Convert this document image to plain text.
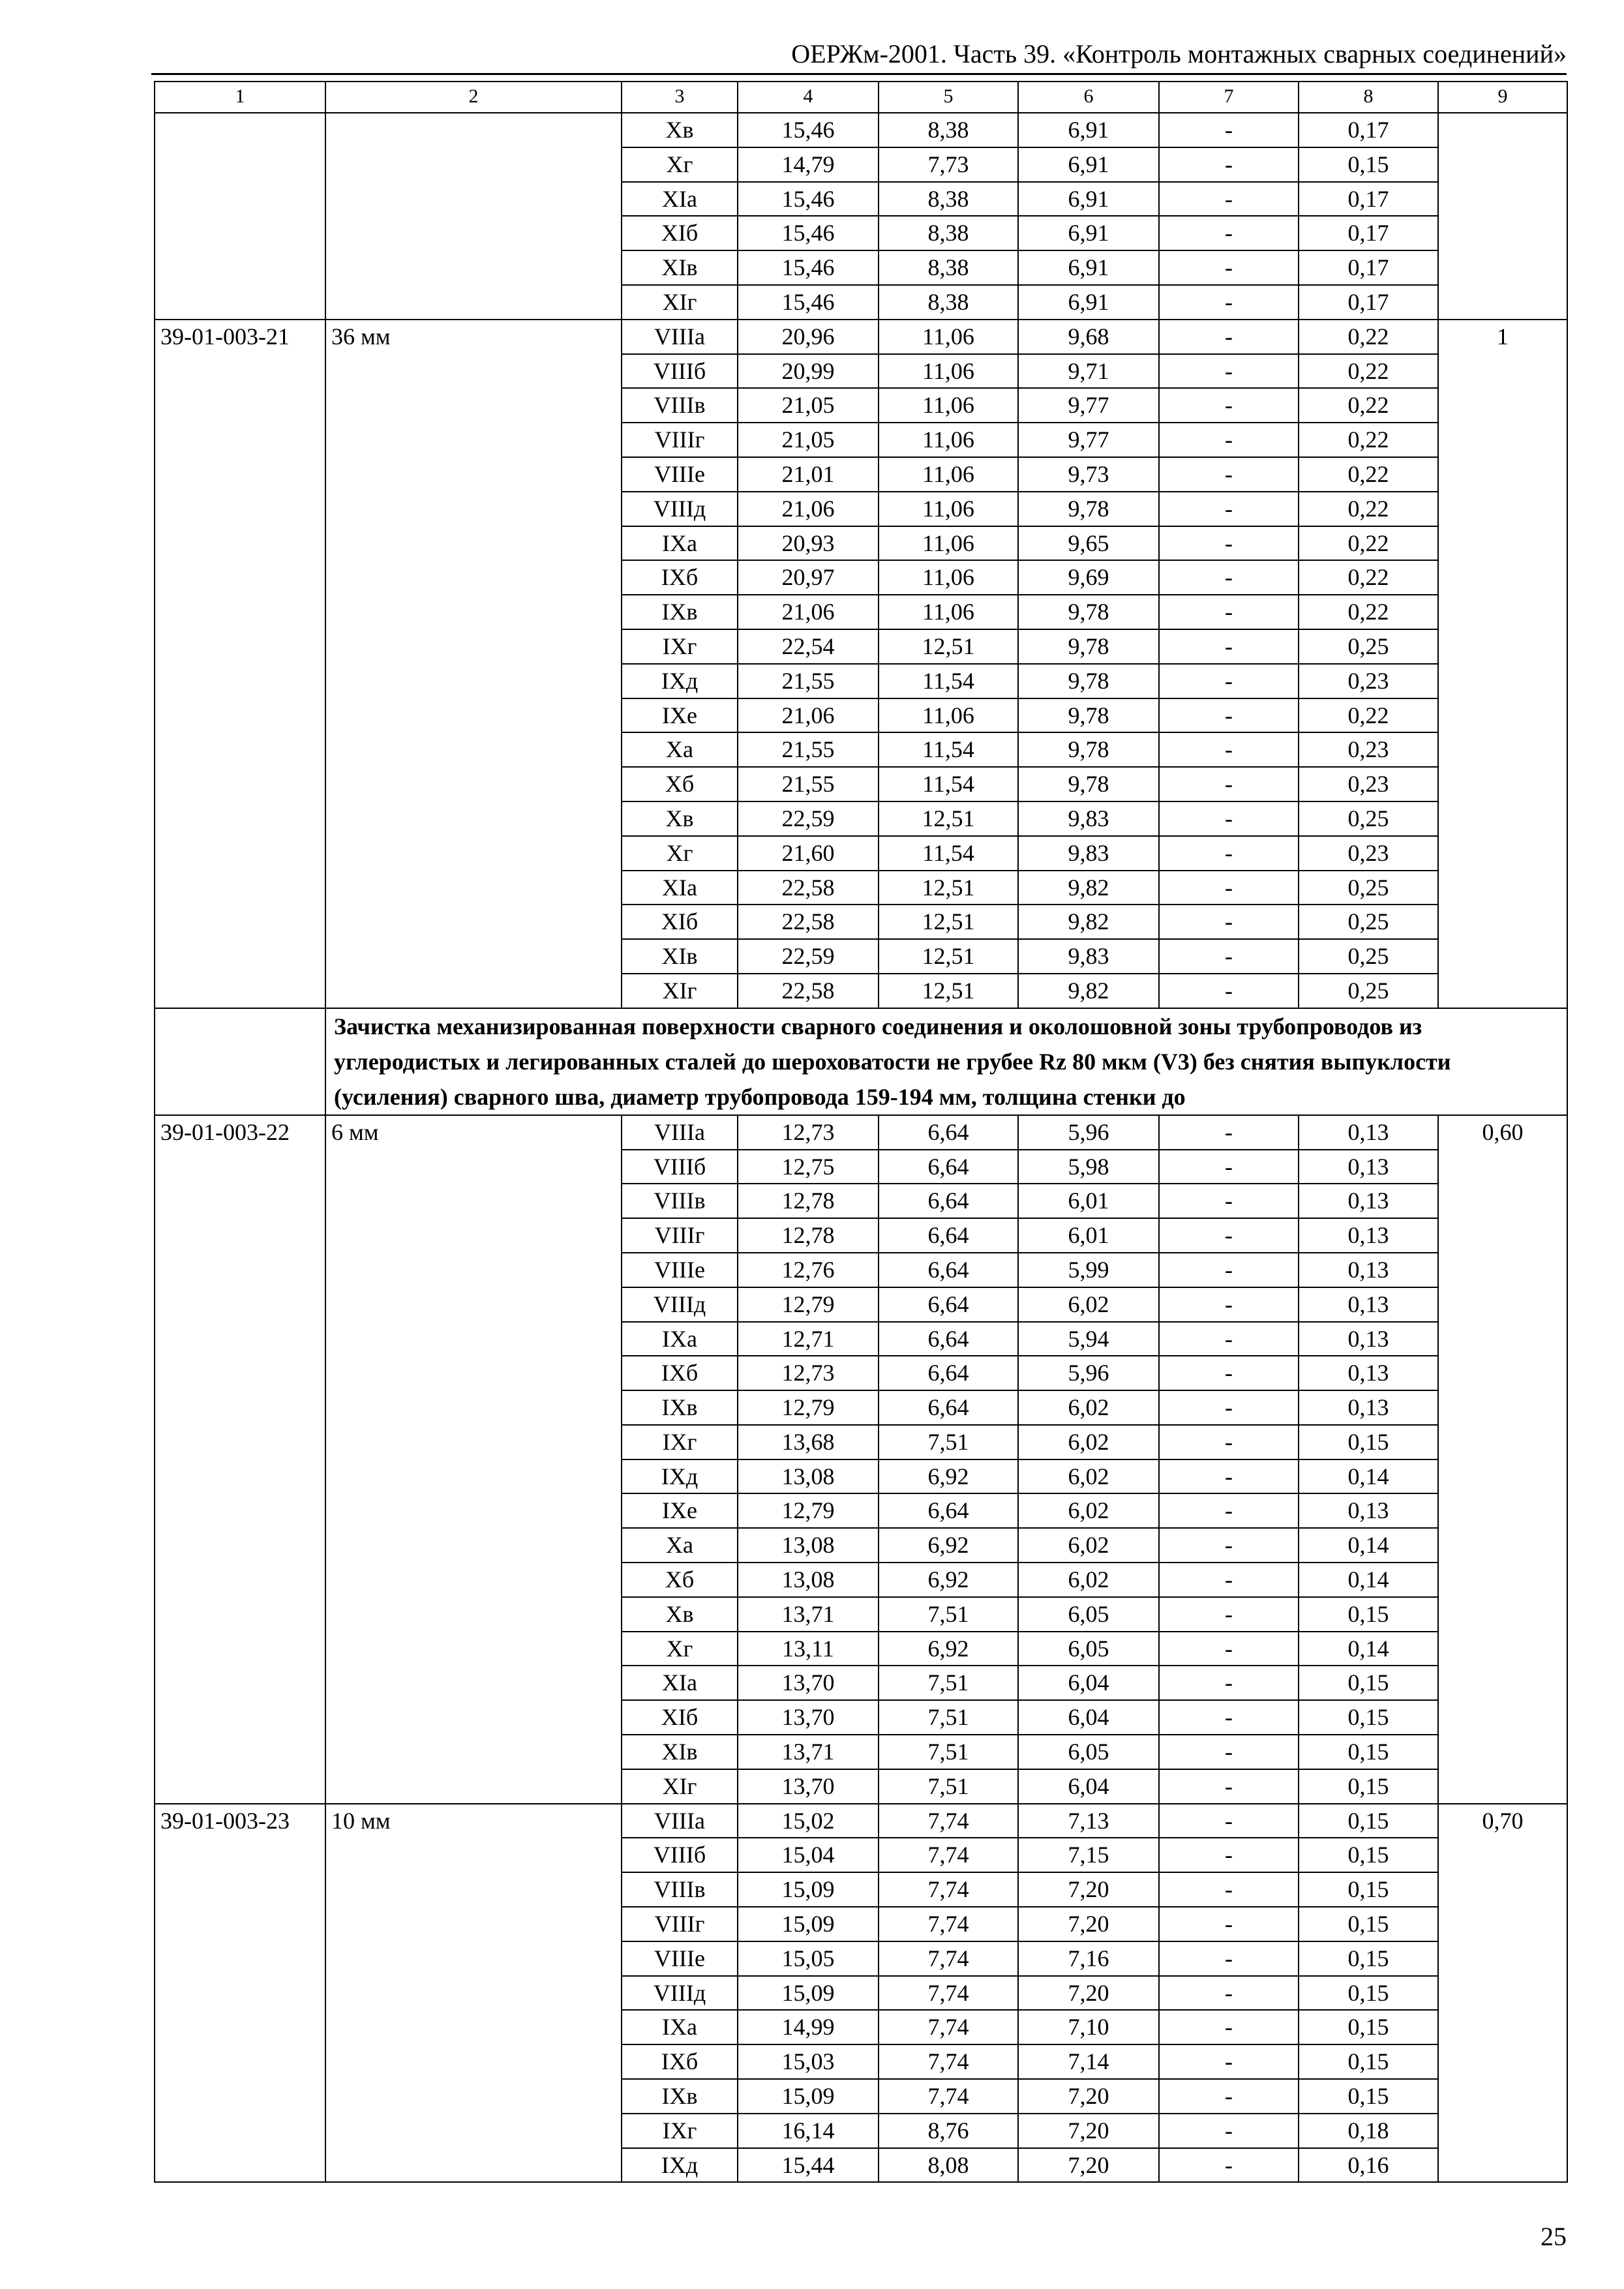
ОЕРЖм-2001. Часть 39. «Контроль монтажных сварных соединений»
1	2	3	4	5	6	7	8	9
		Xв	15,46	8,38	6,91	-	0,17	
		Xг	14,79	7,73	6,91	-	0,15	
		XIа	15,46	8,38	6,91	-	0,17	
		XIб	15,46	8,38	6,91	-	0,17	
		XIв	15,46	8,38	6,91	-	0,17	
		XIг	15,46	8,38	6,91	-	0,17	
39-01-003-21	36 мм	VIIIа	20,96	11,06	9,68	-	0,22	1
		VIIIб	20,99	11,06	9,71	-	0,22	
		VIIIв	21,05	11,06	9,77	-	0,22	
		VIIIг	21,05	11,06	9,77	-	0,22	
		VIIIе	21,01	11,06	9,73	-	0,22	
		VIIIд	21,06	11,06	9,78	-	0,22	
		IXа	20,93	11,06	9,65	-	0,22	
		IXб	20,97	11,06	9,69	-	0,22	
		IXв	21,06	11,06	9,78	-	0,22	
		IXг	22,54	12,51	9,78	-	0,25	
		IXд	21,55	11,54	9,78	-	0,23	
		IXе	21,06	11,06	9,78	-	0,22	
		Xа	21,55	11,54	9,78	-	0,23	
		Xб	21,55	11,54	9,78	-	0,23	
		Xв	22,59	12,51	9,83	-	0,25	
		Xг	21,60	11,54	9,83	-	0,23	
		XIа	22,58	12,51	9,82	-	0,25	
		XIб	22,58	12,51	9,82	-	0,25	
		XIв	22,59	12,51	9,83	-	0,25	
		XIг	22,58	12,51	9,82	-	0,25	
	Зачистка механизированная поверхности сварного соединения и околошовной зоны трубопроводов из углеродистых и легированных сталей до шероховатости не грубее Rz 80 мкм (V3) без снятия выпуклости (усиления) сварного шва, диаметр трубопровода 159-194 мм, толщина стенки до							
39-01-003-22	6 мм	VIIIа	12,73	6,64	5,96	-	0,13	0,60
		VIIIб	12,75	6,64	5,98	-	0,13	
		VIIIв	12,78	6,64	6,01	-	0,13	
		VIIIг	12,78	6,64	6,01	-	0,13	
		VIIIе	12,76	6,64	5,99	-	0,13	
		VIIIд	12,79	6,64	6,02	-	0,13	
		IXа	12,71	6,64	5,94	-	0,13	
		IXб	12,73	6,64	5,96	-	0,13	
		IXв	12,79	6,64	6,02	-	0,13	
		IXг	13,68	7,51	6,02	-	0,15	
		IXд	13,08	6,92	6,02	-	0,14	
		IXе	12,79	6,64	6,02	-	0,13	
		Xа	13,08	6,92	6,02	-	0,14	
		Xб	13,08	6,92	6,02	-	0,14	
		Xв	13,71	7,51	6,05	-	0,15	
		Xг	13,11	6,92	6,05	-	0,14	
		XIа	13,70	7,51	6,04	-	0,15	
		XIб	13,70	7,51	6,04	-	0,15	
		XIв	13,71	7,51	6,05	-	0,15	
		XIг	13,70	7,51	6,04	-	0,15	
39-01-003-23	10 мм	VIIIа	15,02	7,74	7,13	-	0,15	0,70
		VIIIб	15,04	7,74	7,15	-	0,15	
		VIIIв	15,09	7,74	7,20	-	0,15	
		VIIIг	15,09	7,74	7,20	-	0,15	
		VIIIе	15,05	7,74	7,16	-	0,15	
		VIIIд	15,09	7,74	7,20	-	0,15	
		IXа	14,99	7,74	7,10	-	0,15	
		IXб	15,03	7,74	7,14	-	0,15	
		IXв	15,09	7,74	7,20	-	0,15	
		IXг	16,14	8,76	7,20	-	0,18	
		IXд	15,44	8,08	7,20	-	0,16	
25
